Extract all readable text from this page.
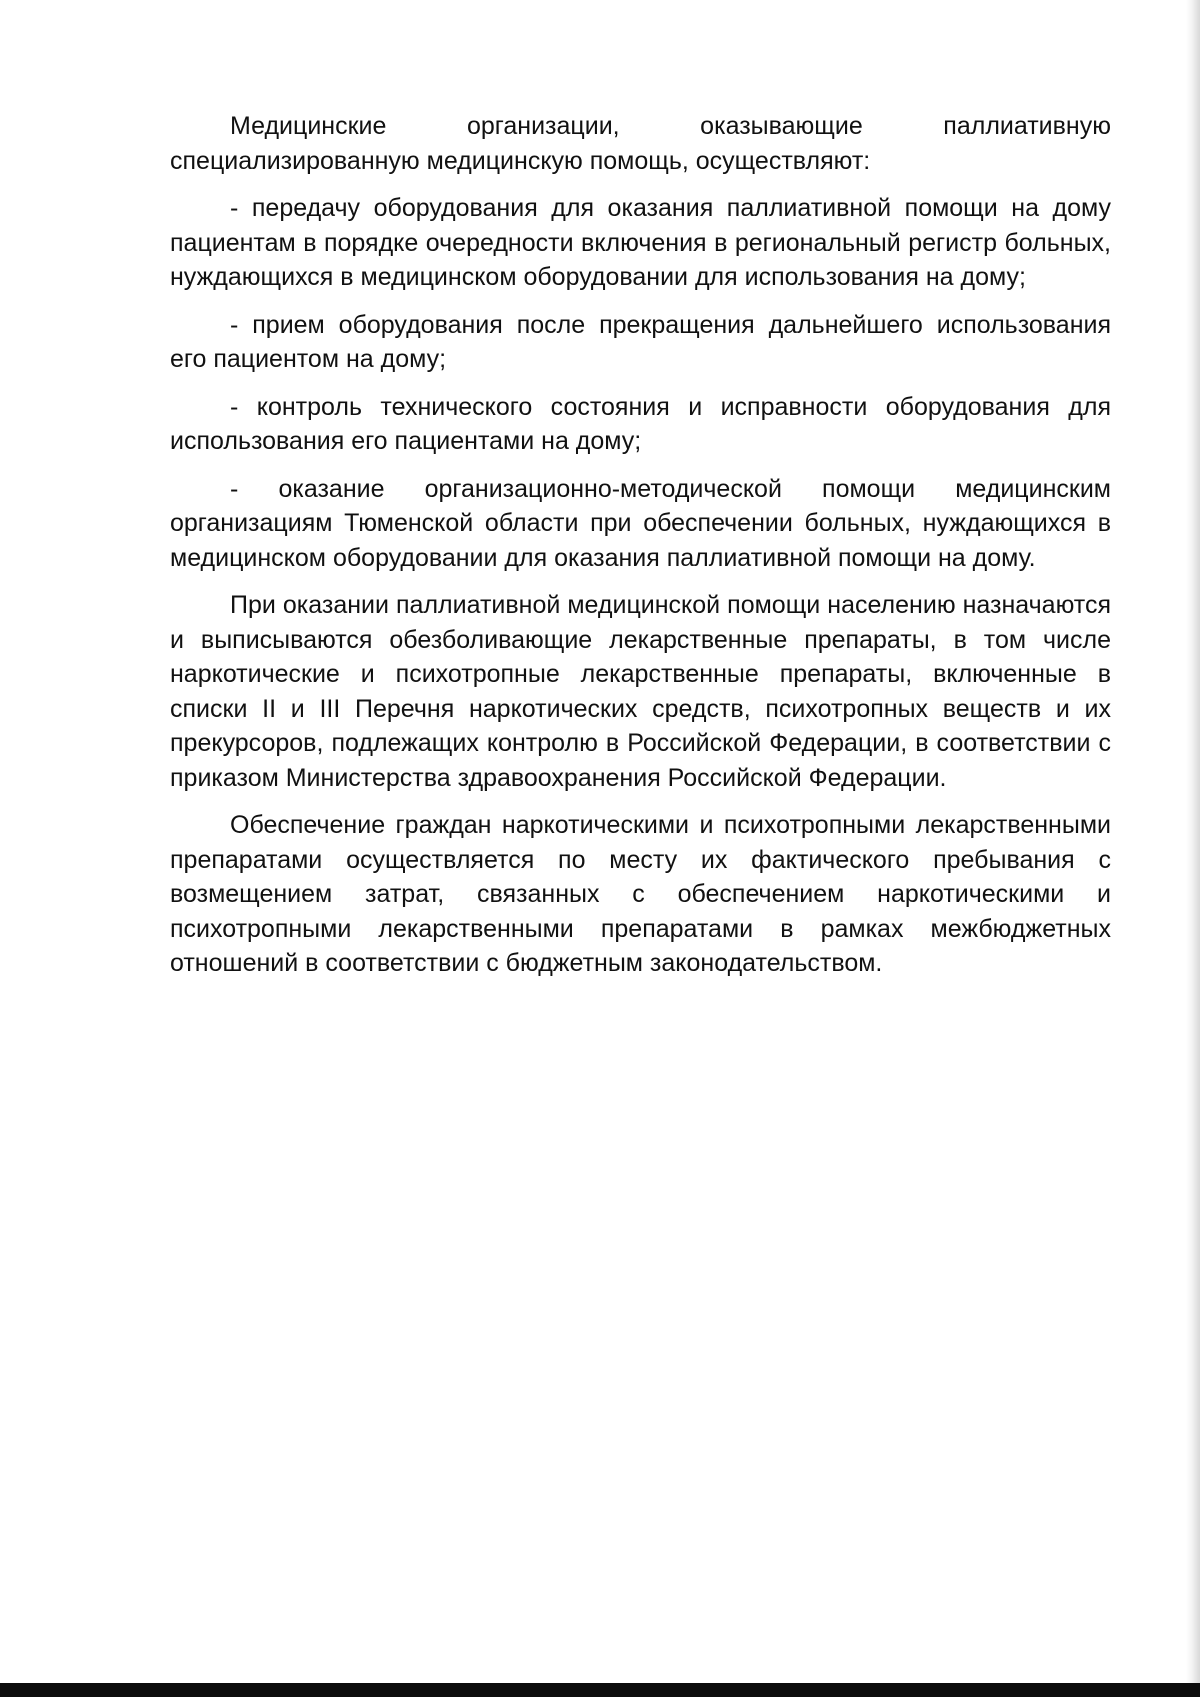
Медицинские организации, оказывающие паллиативную специализированную медицинскую помощь, осуществляют:

- передачу оборудования для оказания паллиативной помощи на дому пациентам в порядке очередности включения в региональный регистр больных, нуждающихся в медицинском оборудовании для использования на дому;

- прием оборудования после прекращения дальнейшего использования его пациентом на дому;

- контроль технического состояния и исправности оборудования для использования его пациентами на дому;

- оказание организационно-методической помощи медицинским организациям Тюменской области при обеспечении больных, нуждающихся в медицинском оборудовании для оказания паллиативной помощи на дому.

При оказании паллиативной медицинской помощи населению назначаются и выписываются обезболивающие лекарственные препараты, в том числе наркотические и психотропные лекарственные препараты, включенные в списки II и III Перечня наркотических средств, психотропных веществ и их прекурсоров, подлежащих контролю в Российской Федерации, в соответствии с приказом Министерства здравоохранения Российской Федерации.

Обеспечение граждан наркотическими и психотропными лекарственными препаратами осуществляется по месту их фактического пребывания с возмещением затрат, связанных с обеспечением наркотическими и психотропными лекарственными препаратами в рамках межбюджетных отношений в соответствии с бюджетным законодательством.
